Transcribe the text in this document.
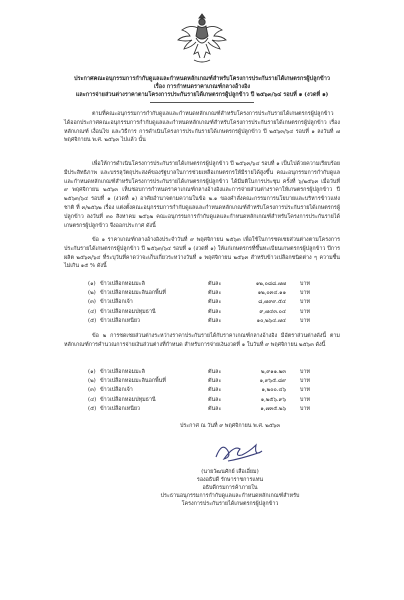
ประกาศคณะอนุกรรมการกำกับดูแลและกำหนดหลักเกณฑ์สำหรับโครงการประกันรายได้เกษตรกรผู้ปลูกข้าว
เรื่อง การกำหนดราคาเกณฑ์กลางอ้างอิง
และการจ่ายส่วนต่างราคาตามโครงการประกันรายได้เกษตรกรผู้ปลูกข้าว ปี ๒๕๖๓/๖๔ รอบที่ ๑ (งวดที่ ๑)
ตามที่คณะอนุกรรมการกำกับดูแลและกำหนดหลักเกณฑ์สำหรับโครงการประกันรายได้เกษตรกรผู้ปลูกข้าว ได้ออกประกาศคณะอนุกรรมการกำกับดูแลและกำหนดหลักเกณฑ์สำหรับโครงการประกันรายได้เกษตรกรผู้ปลูกข้าว เรื่อง หลักเกณฑ์ เงื่อนไข และวิธีการ การดำเนินโครงการประกันรายได้เกษตรกรผู้ปลูกข้าว ปี ๒๕๖๓/๖๔ รอบที่ ๑ ลงวันที่ ๗ พฤศจิกายน พ.ศ. ๒๕๖๓ ไปแล้ว นั้น
เพื่อให้การดำเนินโครงการประกันรายได้เกษตรกรผู้ปลูกข้าว ปี ๒๕๖๓/๖๔ รอบที่ ๑ เป็นไปด้วยความเรียบร้อย มีประสิทธิภาพ และบรรลุวัตถุประสงค์ของรัฐบาลในการช่วยเหลือเกษตรกรให้มีรายได้สูงขึ้น คณะอนุกรรมการกำกับดูแลและกำหนดหลักเกณฑ์สำหรับโครงการประกันรายได้เกษตรกรผู้ปลูกข้าว ได้มีมติในการประชุม ครั้งที่ ๖/๒๕๖๓ เมื่อวันที่ ๙ พฤศจิกายน ๒๕๖๓ เห็นชอบการกำหนดราคาเกณฑ์กลางอ้างอิงและการจ่ายส่วนต่างราคาให้เกษตรกรผู้ปลูกข้าว ปี ๒๕๖๓/๖๔ รอบที่ ๑ (งวดที่ ๑) อาศัยอำนาจตามความในข้อ ๒.๑ ของคำสั่งคณะกรรมการนโยบายและบริหารข้าวแห่งชาติ ที่ ๓/๒๕๖๒ เรื่อง แต่งตั้งคณะอนุกรรมการกำกับดูแลและกำหนดหลักเกณฑ์สำหรับโครงการประกันรายได้เกษตรกรผู้ปลูกข้าว ลงวันที่ ๓๐ สิงหาคม ๒๕๖๒ คณะอนุกรรมการกำกับดูแลและกำหนดหลักเกณฑ์สำหรับโครงการประกันรายได้เกษตรกรผู้ปลูกข้าว จึงออกประกาศ ดังนี้
ข้อ ๑ ราคาเกณฑ์กลางอ้างอิงประจำวันที่ ๙ พฤศจิกายน ๒๕๖๓ เพื่อใช้ในการชดเชยส่วนต่างตามโครงการประกันรายได้เกษตรกรผู้ปลูกข้าว ปี ๒๕๖๓/๖๔ รอบที่ ๑ (งวดที่ ๑) ให้แก่เกษตรกรที่ขึ้นทะเบียนเกษตรกรผู้ปลูกข้าว ปีการผลิต ๒๕๖๓/๖๔ ที่ระบุวันที่คาดว่าจะเก็บเกี่ยวระหว่างวันที่ ๑ พฤศจิกายน ๒๕๖๓ สำหรับข้าวเปลือกชนิดต่าง ๆ ความชื้นไม่เกิน ๑๕ % ดังนี้
(๑) ข้าวเปลือกหอมมะลิ	ตันละ	๑๒,๐๘๘.๗๗	บาท
(๒) ข้าวเปลือกหอมมะลินอกพื้นที่	ตันละ	๑๒,๐๓๔.๑๑	บาท
(๓) ข้าวเปลือกเจ้า	ตันละ	๘,๗๙๙.๕๔	บาท
(๔) ข้าวเปลือกหอมปทุมธานี	ตันละ	๙,๗๔๓.๐๔	บาท
(๕) ข้าวเปลือกเหนียว	ตันละ	๑๐,๒๖๔.๗๔	บาท
ข้อ ๒ การชดเชยส่วนต่างระหว่างราคาประกันรายได้กับราคาเกณฑ์กลางอ้างอิง มีอัตราส่วนต่างดังนี้ ตามหลักเกณฑ์การคำนวณการจ่ายเงินส่วนต่างที่กำหนด สำหรับการจ่ายเงินงวดที่ ๑ ในวันที่ ๙ พฤศจิกายน ๒๕๖๓ ดังนี้
(๑) ข้าวเปลือกหอมมะลิ	ตันละ	๒,๙๑๑.๒๓	บาท
(๒) ข้าวเปลือกหอมมะลินอกพื้นที่	ตันละ	๑,๙๖๕.๘๙	บาท
(๓) ข้าวเปลือกเจ้า	ตันละ	๑,๒๐๐.๔๖	บาท
(๔) ข้าวเปลือกหอมปทุมธานี	ตันละ	๑,๒๕๖.๙๖	บาท
(๕) ข้าวเปลือกเหนียว	ตันละ	๑,๗๓๕.๒๖	บาท
ประกาศ ณ วันที่ ๙ พฤศจิกายน พ.ศ. ๒๕๖๓
(นายวัฒนศักย์ เสือเอี่ยม)
รองอธิบดี รักษาราชการแทน
อธิบดีกรมการค้าภายใน
ประธานอนุกรรมการกำกับดูแลและกำหนดหลักเกณฑ์สำหรับ
โครงการประกันรายได้เกษตรกรผู้ปลูกข้าว
